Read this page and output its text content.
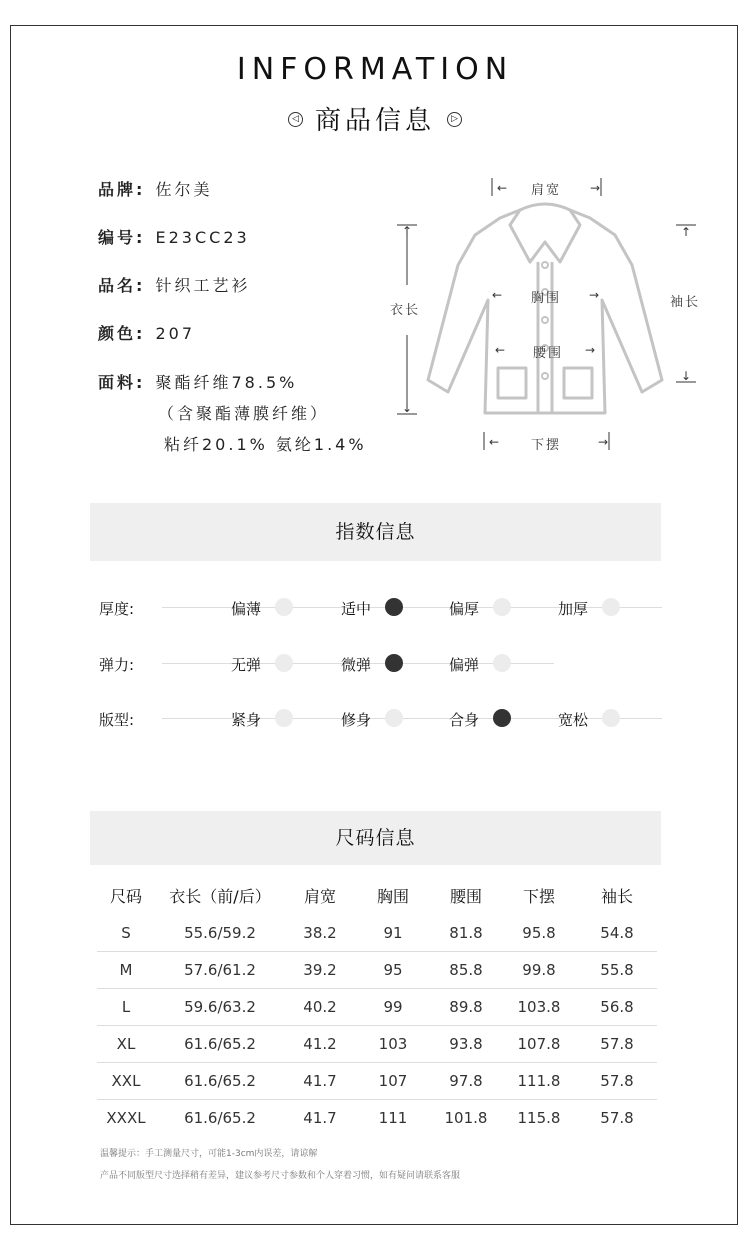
INFORMATION
◁ 商品信息 ▷
品牌: 佐尔美
编号: E23CC23
品名: 针织工艺衫
颜色: 207
面料: 聚酯纤维78.5%
（含聚酯薄膜纤维）
粘纤20.1% 氨纶1.4%
←	→
↑
↓
←	→
↑
↓
←	→
←	→
肩宽
衣长
胸围
腰围
下摆
袖长
指数信息
厚度:	偏薄	适中	偏厚	加厚
弹力:	无弹	微弹	偏弹
版型:	紧身	修身	合身	宽松
尺码信息
尺码	衣长（前/后）	肩宽	胸围	腰围	下摆	袖长
S	55.6/59.2	38.2	91	81.8	95.8	54.8
M	57.6/61.2	39.2	95	85.8	99.8	55.8
L	59.6/63.2	40.2	99	89.8	103.8	56.8
XL	61.6/65.2	41.2	103	93.8	107.8	57.8
XXL	61.6/65.2	41.7	107	97.8	111.8	57.8
XXXL	61.6/65.2	41.7	111	101.8	115.8	57.8
温馨提示：手工测量尺寸，可能1-3cm内误差，请谅解
产品不同版型尺寸选择稍有差异，建议参考尺寸参数和个人穿着习惯，如有疑问请联系客服
